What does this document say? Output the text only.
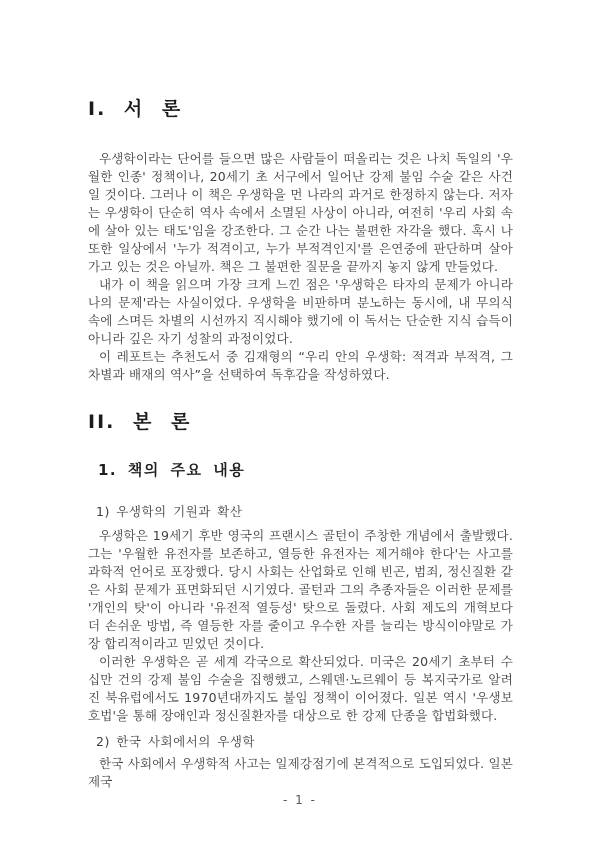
I. 서 론

우생학이라는 단어를 들으면 많은 사람들이 떠올리는 것은 나치 독일의 '우월한 인종' 정책이나, 20세기 초 서구에서 일어난 강제 불임 수술 같은 사건일 것이다. 그러나 이 책은 우생학을 먼 나라의 과거로 한정하지 않는다. 저자는 우생학이 단순히 역사 속에서 소멸된 사상이 아니라, 여전히 '우리 사회 속에 살아 있는 태도'임을 강조한다. 그 순간 나는 불편한 자각을 했다. 혹시 나 또한 일상에서 '누가 적격이고, 누가 부적격인지'를 은연중에 판단하며 살아가고 있는 것은 아닐까. 책은 그 불편한 질문을 끝까지 놓지 않게 만들었다.

내가 이 책을 읽으며 가장 크게 느낀 점은 '우생학은 타자의 문제가 아니라 나의 문제'라는 사실이었다. 우생학을 비판하며 분노하는 동시에, 내 무의식 속에 스며든 차별의 시선까지 직시해야 했기에 이 독서는 단순한 지식 습득이 아니라 깊은 자기 성찰의 과정이었다.

이 레포트는 추천도서 중 김재형의 “우리 안의 우생학: 적격과 부적격, 그 차별과 배재의 역사”을 선택하여 독후감을 작성하였다.

II. 본 론
1. 책의 주요 내용
1) 우생학의 기원과 확산

우생학은 19세기 후반 영국의 프랜시스 골턴이 주창한 개념에서 출발했다. 그는 '우월한 유전자를 보존하고, 열등한 유전자는 제거해야 한다'는 사고를 과학적 언어로 포장했다. 당시 사회는 산업화로 인해 빈곤, 범죄, 정신질환 같은 사회 문제가 표면화되던 시기였다. 골턴과 그의 추종자들은 이러한 문제를 '개인의 탓'이 아니라 '유전적 열등성' 탓으로 돌렸다. 사회 제도의 개혁보다 더 손쉬운 방법, 즉 열등한 자를 줄이고 우수한 자를 늘리는 방식이야말로 가장 합리적이라고 믿었던 것이다.

이러한 우생학은 곧 세계 각국으로 확산되었다. 미국은 20세기 초부터 수십만 건의 강제 불임 수술을 집행했고, 스웨덴·노르웨이 등 복지국가로 알려진 북유럽에서도 1970년대까지도 불임 정책이 이어졌다. 일본 역시 '우생보호법'을 통해 장애인과 정신질환자를 대상으로 한 강제 단종을 합법화했다.

2) 한국 사회에서의 우생학

한국 사회에서 우생학적 사고는 일제강점기에 본격적으로 도입되었다. 일본 제국

- 1 -
